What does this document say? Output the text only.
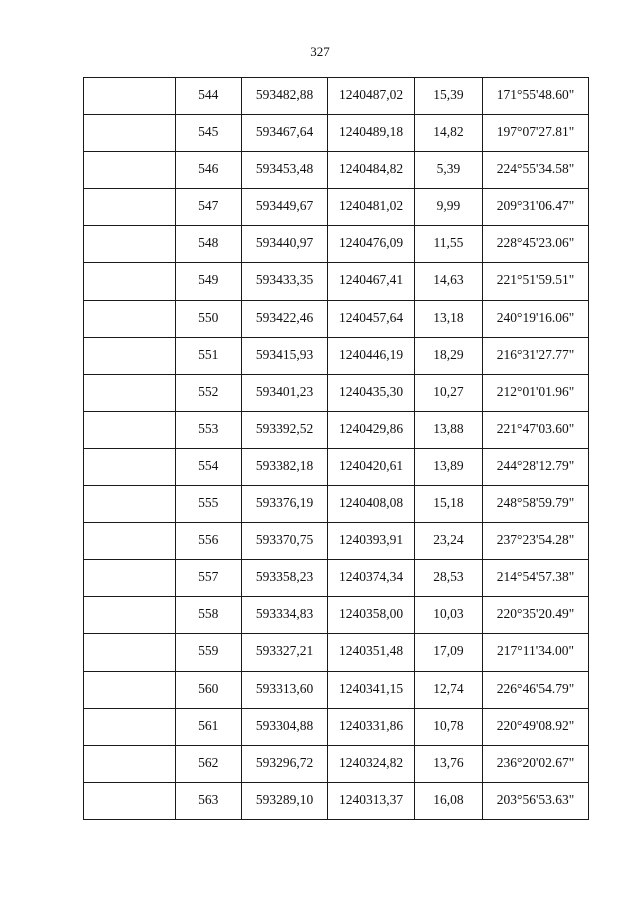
327
	544	593482,88	1240487,02	15,39	171°55'48.60"
	545	593467,64	1240489,18	14,82	197°07'27.81"
	546	593453,48	1240484,82	5,39	224°55'34.58"
	547	593449,67	1240481,02	9,99	209°31'06.47"
	548	593440,97	1240476,09	11,55	228°45'23.06"
	549	593433,35	1240467,41	14,63	221°51'59.51"
	550	593422,46	1240457,64	13,18	240°19'16.06"
	551	593415,93	1240446,19	18,29	216°31'27.77"
	552	593401,23	1240435,30	10,27	212°01'01.96"
	553	593392,52	1240429,86	13,88	221°47'03.60"
	554	593382,18	1240420,61	13,89	244°28'12.79"
	555	593376,19	1240408,08	15,18	248°58'59.79"
	556	593370,75	1240393,91	23,24	237°23'54.28"
	557	593358,23	1240374,34	28,53	214°54'57.38"
	558	593334,83	1240358,00	10,03	220°35'20.49"
	559	593327,21	1240351,48	17,09	217°11'34.00"
	560	593313,60	1240341,15	12,74	226°46'54.79"
	561	593304,88	1240331,86	10,78	220°49'08.92"
	562	593296,72	1240324,82	13,76	236°20'02.67"
	563	593289,10	1240313,37	16,08	203°56'53.63"
